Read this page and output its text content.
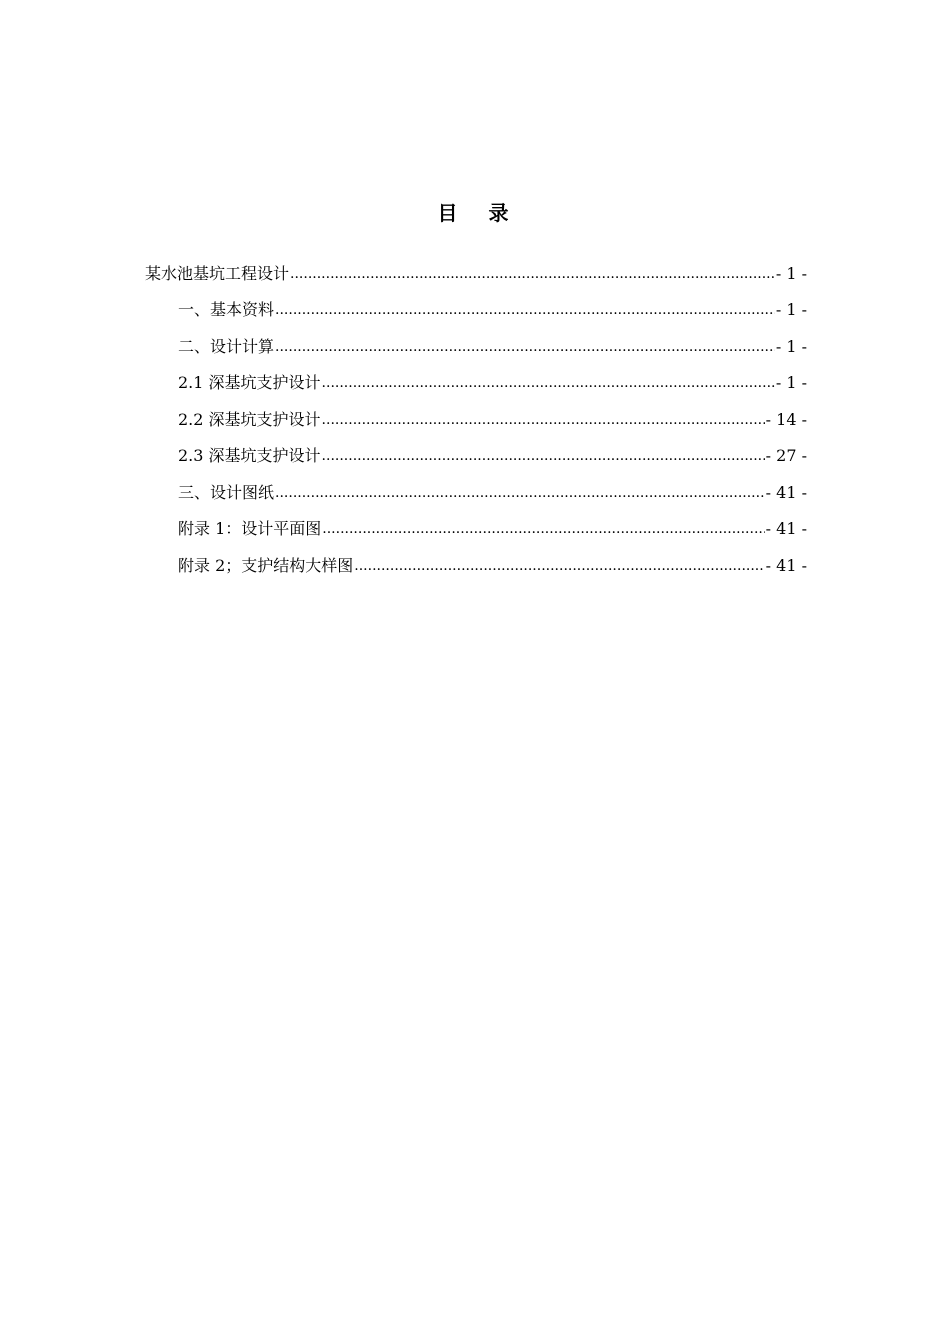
目 录
某水池基坑工程设计 .....	- 1 -
一、基本资料 .....	- 1 -
二、设计计算 .....	- 1 -
2.1 深基坑支护设计 .....	- 1 -
2.2 深基坑支护设计 .....	- 14 -
2.3 深基坑支护设计 .....	- 27 -
三、设计图纸 .....	- 41 -
附录 1：设计平面图 .....	- 41 -
附录 2；支护结构大样图 .....	- 41 -
